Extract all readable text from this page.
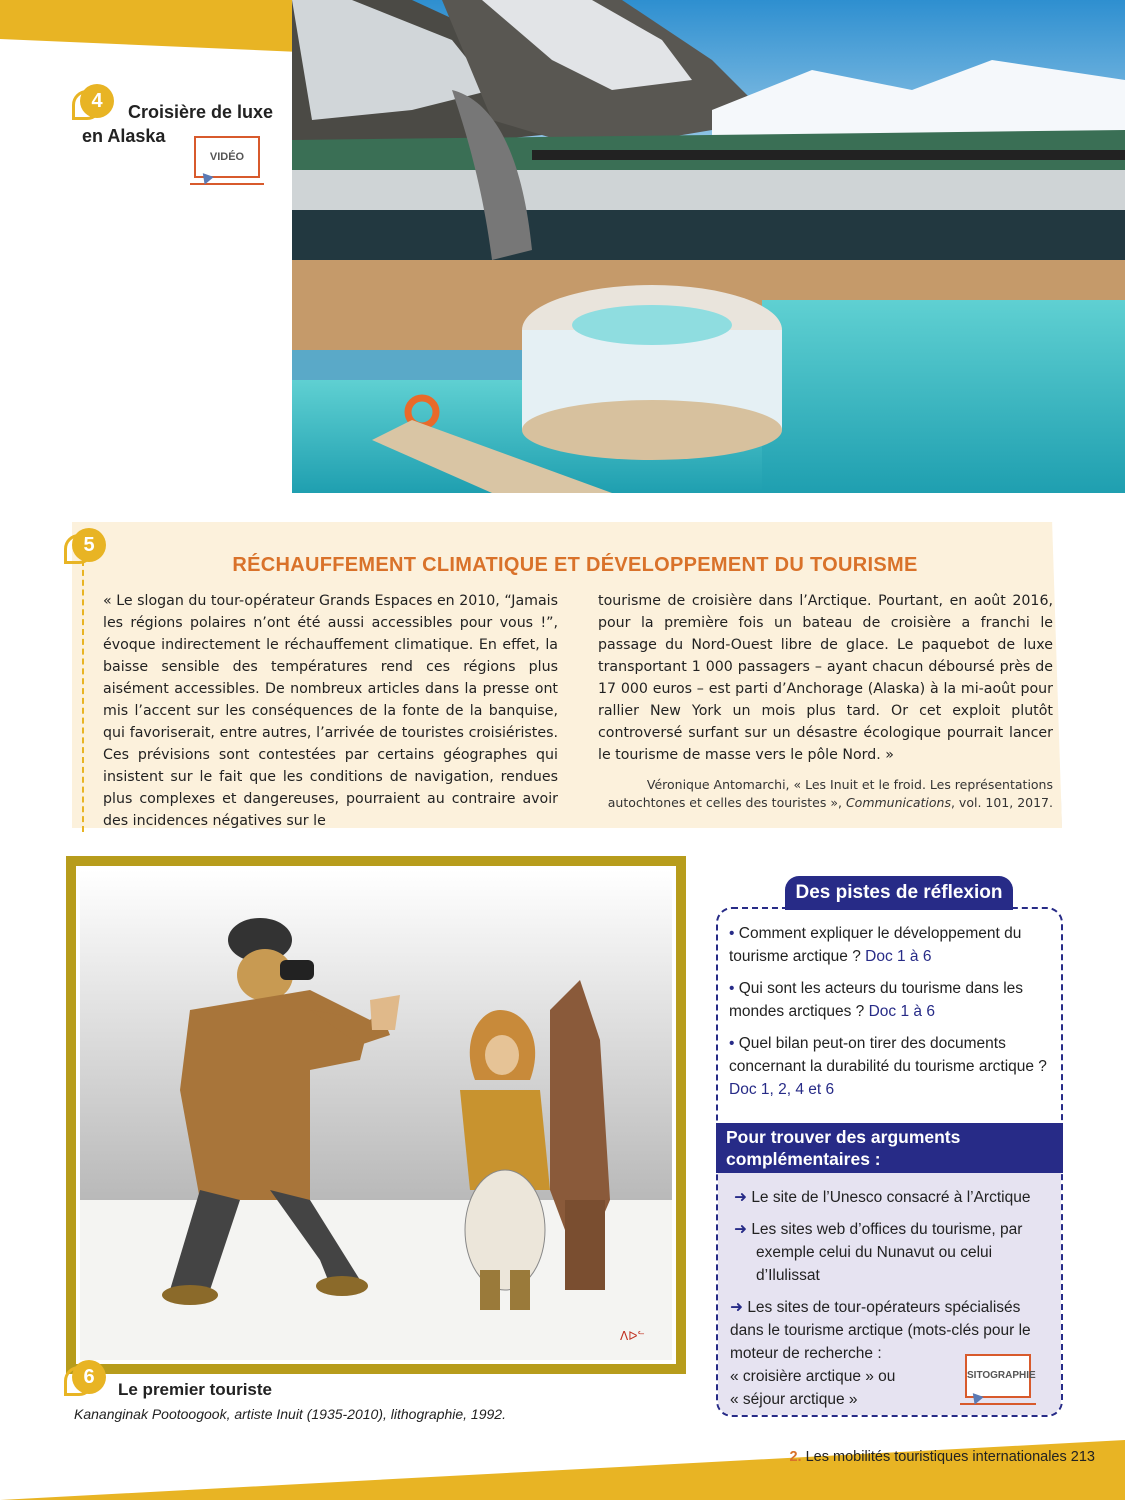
4	Croisière de luxe
en Alaska
VIDÉO
5
RÉCHAUFFEMENT CLIMATIQUE ET DÉVELOPPEMENT DU TOURISME
« Le slogan du tour-opérateur Grands Espaces en 2010, “Jamais les régions polaires n’ont été aussi accessibles pour vous !”, évoque indirectement le réchauffement climatique. En effet, la baisse sensible des températures rend ces régions plus aisément accessibles. De nombreux articles dans la presse ont mis l’accent sur les conséquences de la fonte de la banquise, qui favoriserait, entre autres, l’arrivée de touristes croisiéristes. Ces prévisions sont contestées par certains géographes qui insistent sur le fait que les conditions de navigation, rendues plus complexes et dangereuses, pourraient au contraire avoir des incidences négatives sur le
tourisme de croisière dans l’Arctique. Pourtant, en août 2016, pour la première fois un bateau de croisière a franchi le passage du Nord-Ouest libre de glace. Le paquebot de luxe transportant 1 000 passagers – ayant chacun déboursé près de 17 000 euros – est parti d’Anchorage (Alaska) à la mi-août pour rallier New York un mois plus tard. Or cet exploit plutôt controversé surfant sur un désastre écologique pourrait lancer le tourisme de masse vers le pôle Nord. »
Véronique Antomarchi, « Les Inuit et le froid. Les représentations
autochtones et celles des touristes », Communications, vol. 101, 2017.
ᐱᐅᓪ
6
Le premier touriste
Kananginak Pootoogook, artiste Inuit (1935-2010), lithographie, 1992.
Des pistes de réflexion
• Comment expliquer le développement du tourisme arctique ? Doc 1 à 6
• Qui sont les acteurs du tourisme dans les mondes arctiques ? Doc 1 à 6
• Quel bilan peut-on tirer des documents concernant la durabilité du tourisme arctique ? Doc 1, 2, 4 et 6
Pour trouver des arguments complémentaires :
➜ Le site de l’Unesco consacré à l’Arctique
➜ Les sites web d’offices du tourisme, par exemple celui du Nunavut ou celui d’Ilulissat
➜ Les sites de tour-opérateurs spécialisés dans le tourisme arctique (mots-clés pour le moteur de recherche :
« croisière arctique » ou
« séjour arctique »
SITOGRAPHIE
2. Les mobilités touristiques internationales 213
